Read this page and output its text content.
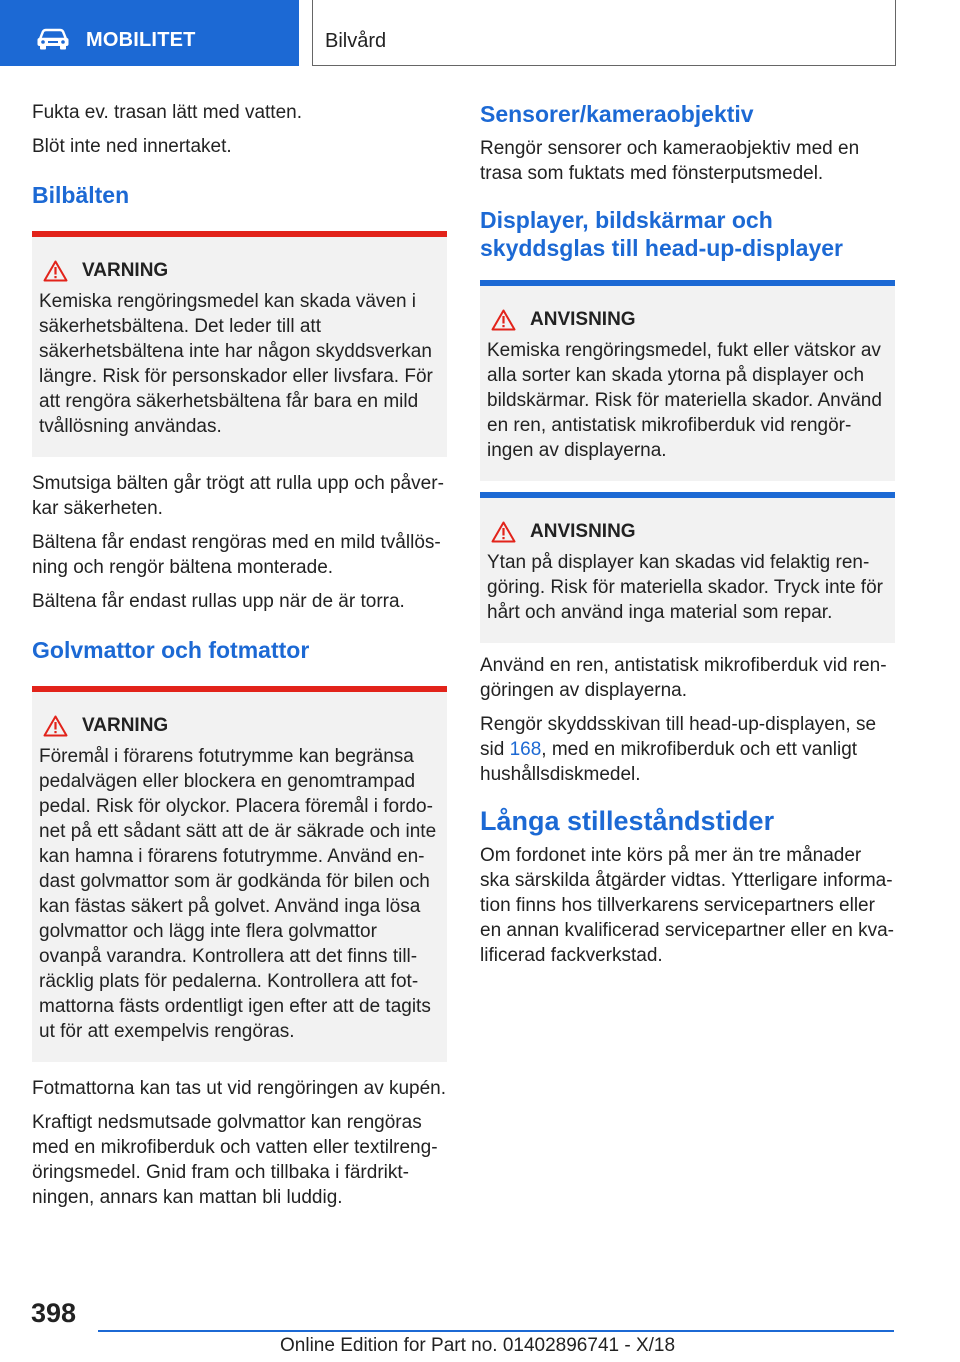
MOBILITET	Bilvård

Fukta ev. trasan lätt med vatten.

Blöt inte ned innertaket.

Bilbälten
VARNING
Kemiska rengöringsmedel kan skada väven i säkerhetsbältena. Det leder till att säkerhetsbältena inte har någon skyddsverkan längre. Risk för personskador eller livsfara. För att rengöra säkerhetsbältena får bara en mild tvållösning användas.

Smutsiga bälten går trögt att rulla upp och påverkar säkerheten.

Bältena får endast rengöras med en mild tvållösning och rengör bältena monterade.

Bältena får endast rullas upp när de är torra.

Golvmattor och fotmattor
VARNING
Föremål i förarens fotutrymme kan begränsa pedalvägen eller blockera en genomtrampad pedal. Risk för olyckor. Placera föremål i fordonet på ett sådant sätt att de är säkrade och inte kan hamna i förarens fotutrymme. Använd endast golvmattor som är godkända för bilen och kan fästas säkert på golvet. Använd inga lösa golvmattor och lägg inte flera golvmattor ovanpå varandra. Kontrollera att det finns tillräcklig plats för pedalerna. Kontrollera att fotmattorna fästs ordentligt igen efter att de tagits ut för att exempelvis rengöras.

Fotmattorna kan tas ut vid rengöringen av kupén.

Kraftigt nedsmutsade golvmattor kan rengöras med en mikrofiberduk och vatten eller textilrengöringsmedel. Gnid fram och tillbaka i färdriktningen, annars kan mattan bli luddig.

Sensorer/kameraobjektiv

Rengör sensorer och kameraobjektiv med en trasa som fuktats med fönsterputsmedel.

Displayer, bildskärmar och skyddsglas till head-up-displayer
ANVISNING
Kemiska rengöringsmedel, fukt eller vätskor av alla sorter kan skada ytorna på displayer och bildskärmar. Risk för materiella skador. Använd en ren, antistatisk mikrofiberduk vid rengöringen av displayerna.
ANVISNING
Ytan på displayer kan skadas vid felaktig rengöring. Risk för materiella skador. Tryck inte för hårt och använd inga material som repar.

Använd en ren, antistatisk mikrofiberduk vid rengöringen av displayerna.

Rengör skyddsskivan till head-up-displayen, se sid 168, med en mikrofiberduk och ett vanligt hushållsdiskmedel.

Långa stilleståndstider

Om fordonet inte körs på mer än tre månader ska särskilda åtgärder vidtas. Ytterligare information finns hos tillverkarens servicepartners eller en annan kvalificerad servicepartner eller en kvalificerad fackverkstad.

398
Online Edition for Part no. 01402896741 - X/18
